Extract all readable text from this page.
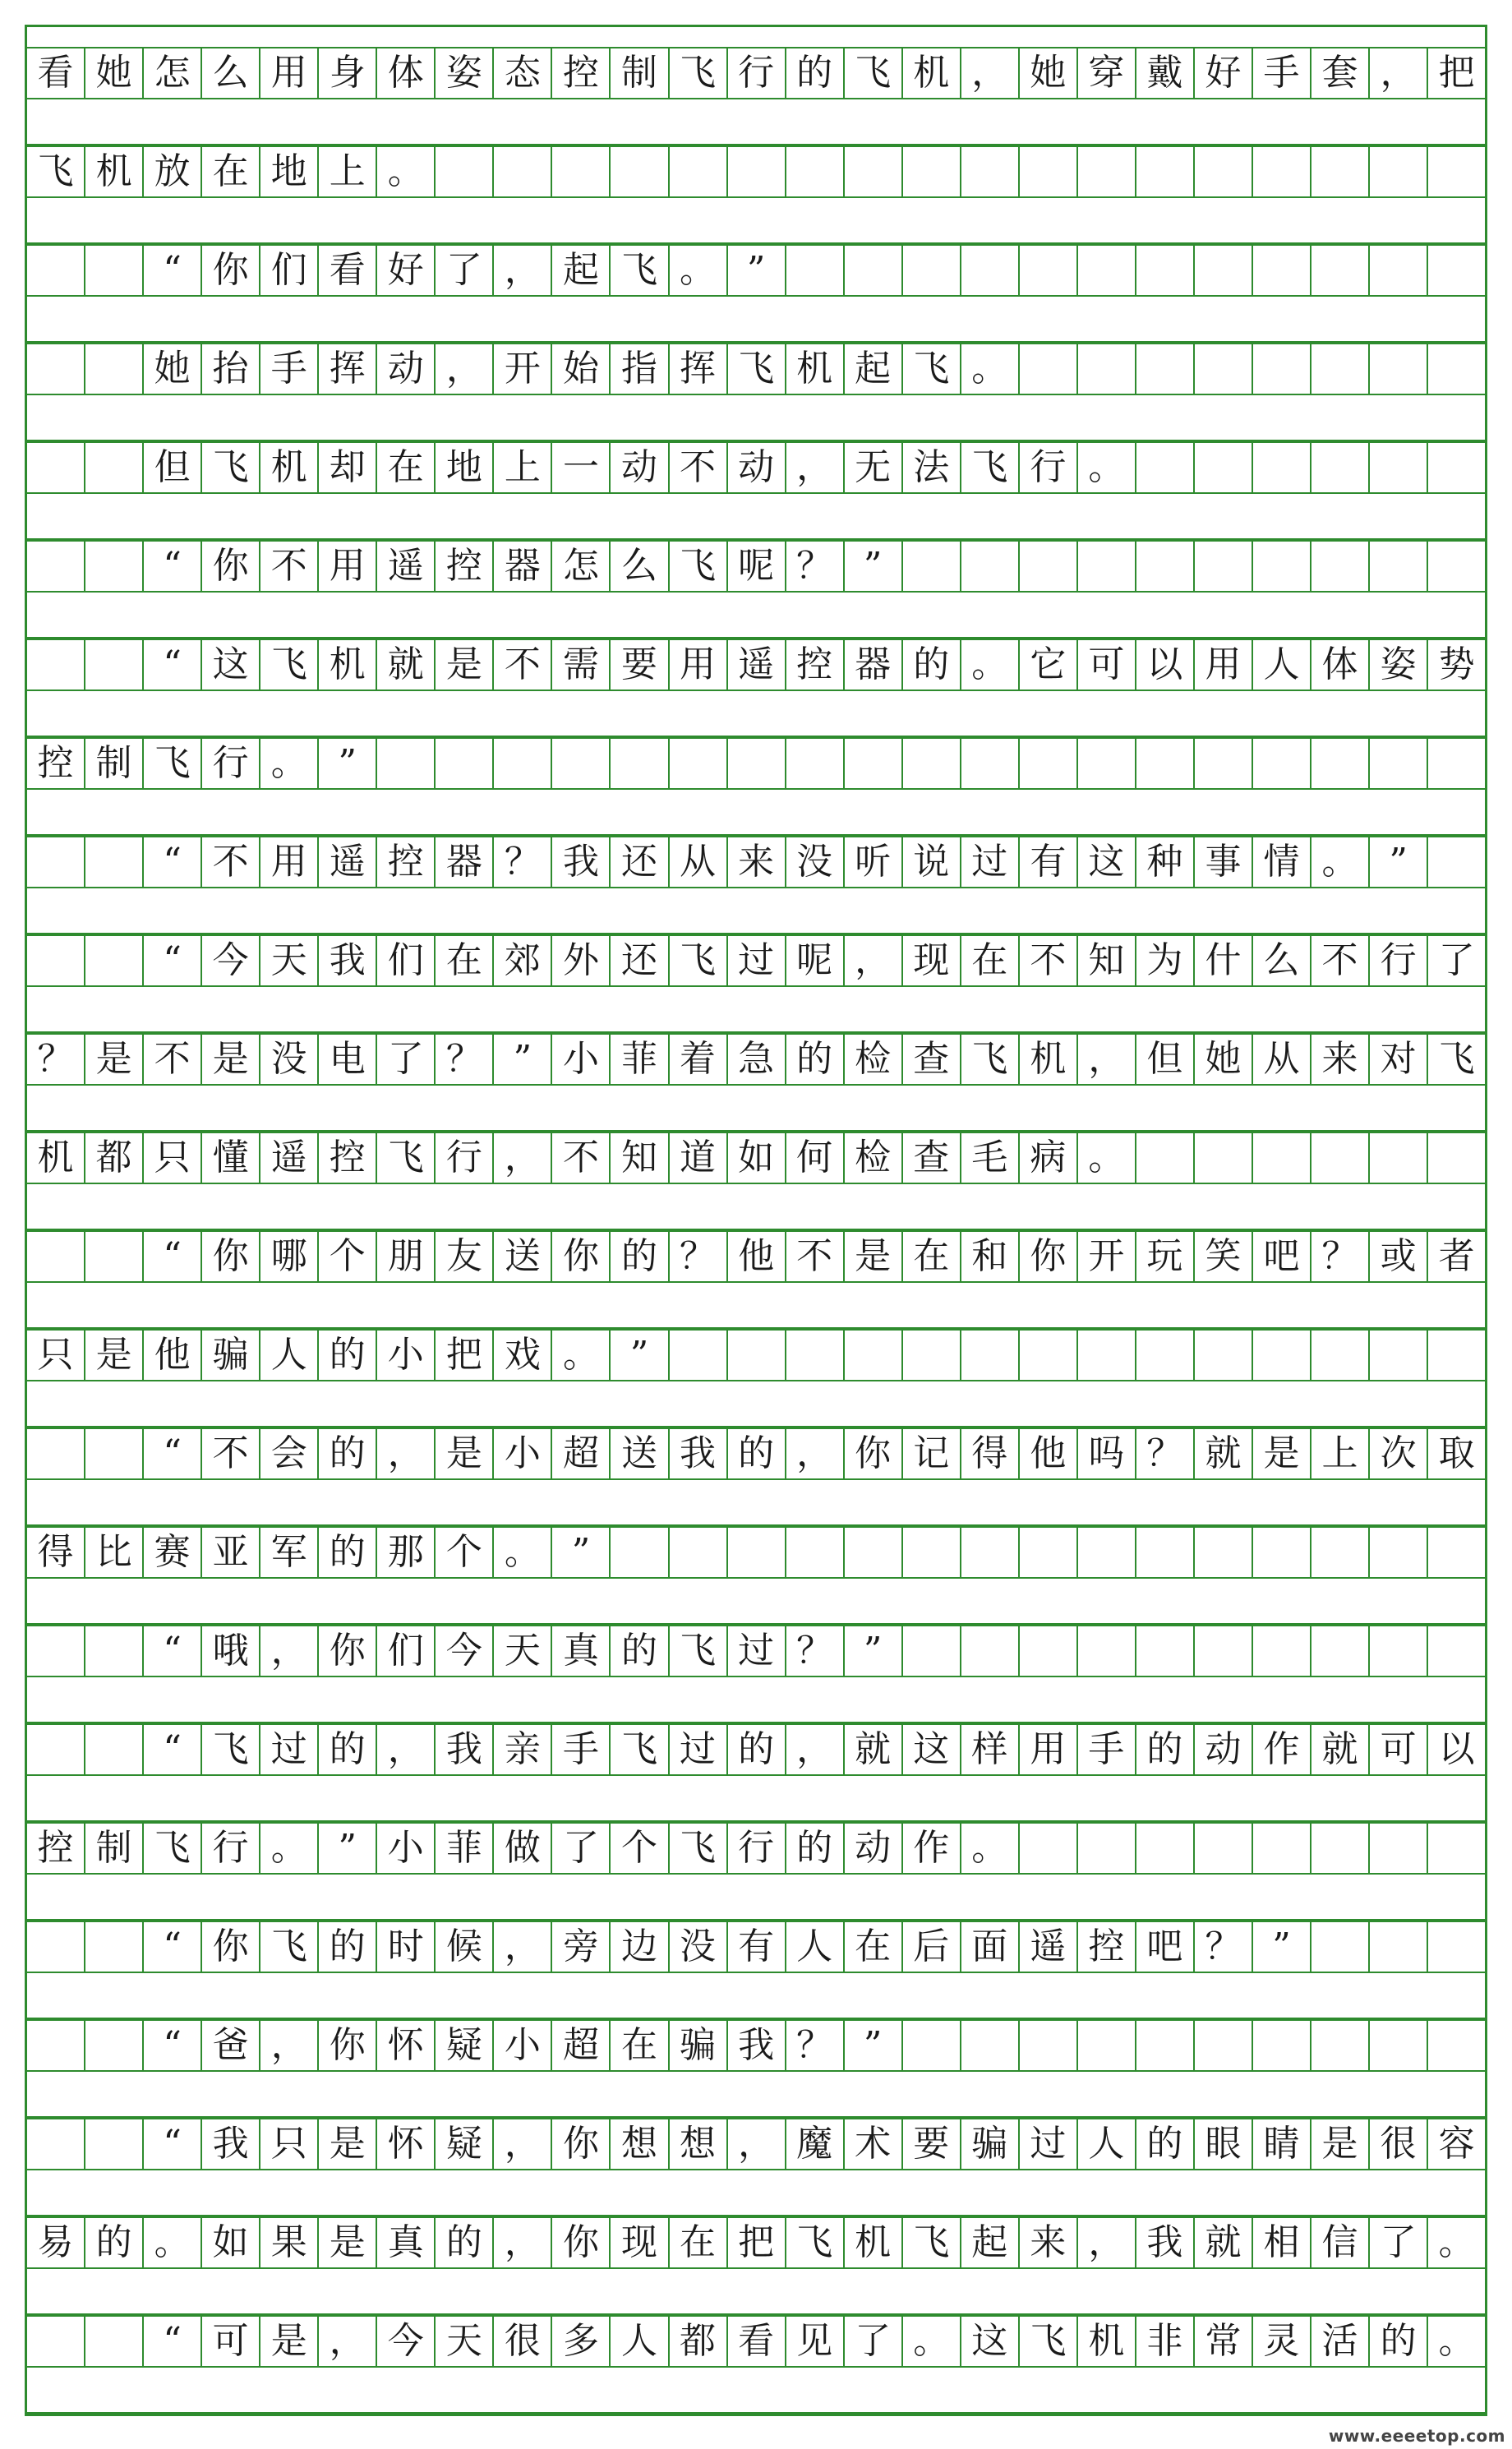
看 她 怎 么 用 身 体 姿 态 控 制 飞 行 的 飞 机 ， 她 穿 戴 好 手 套 ， 把
飞 机 放 在 地 上 。
“ 你 们 看 好 了 ， 起 飞 。 ”
她 抬 手 挥 动 ， 开 始 指 挥 飞 机 起 飞 。
但 飞 机 却 在 地 上 一 动 不 动 ， 无 法 飞 行 。
“ 你 不 用 遥 控 器 怎 么 飞 呢 ？ ”
“ 这 飞 机 就 是 不 需 要 用 遥 控 器 的 。 它 可 以 用 人 体 姿 势
控 制 飞 行 。 ”
“ 不 用 遥 控 器 ？ 我 还 从 来 没 听 说 过 有 这 种 事 情 。 ”
“ 今 天 我 们 在 郊 外 还 飞 过 呢 ， 现 在 不 知 为 什 么 不 行 了
？ 是 不 是 没 电 了 ？ ” 小 菲 着 急 的 检 查 飞 机 ， 但 她 从 来 对 飞
机 都 只 懂 遥 控 飞 行 ， 不 知 道 如 何 检 查 毛 病 。
“ 你 哪 个 朋 友 送 你 的 ？ 他 不 是 在 和 你 开 玩 笑 吧 ？ 或 者
只 是 他 骗 人 的 小 把 戏 。 ”
“ 不 会 的 ， 是 小 超 送 我 的 ， 你 记 得 他 吗 ？ 就 是 上 次 取
得 比 赛 亚 军 的 那 个 。 ”
“ 哦 ， 你 们 今 天 真 的 飞 过 ？ ”
“ 飞 过 的 ， 我 亲 手 飞 过 的 ， 就 这 样 用 手 的 动 作 就 可 以
控 制 飞 行 。 ” 小 菲 做 了 个 飞 行 的 动 作 。
“ 你 飞 的 时 候 ， 旁 边 没 有 人 在 后 面 遥 控 吧 ？ ”
“ 爸 ， 你 怀 疑 小 超 在 骗 我 ？ ”
“ 我 只 是 怀 疑 ， 你 想 想 ， 魔 术 要 骗 过 人 的 眼 睛 是 很 容
易 的 。 如 果 是 真 的 ， 你 现 在 把 飞 机 飞 起 来 ， 我 就 相 信 了 。
“ 可 是 ， 今 天 很 多 人 都 看 见 了 。 这 飞 机 非 常 灵 活 的 。
www.eeeetop.com
